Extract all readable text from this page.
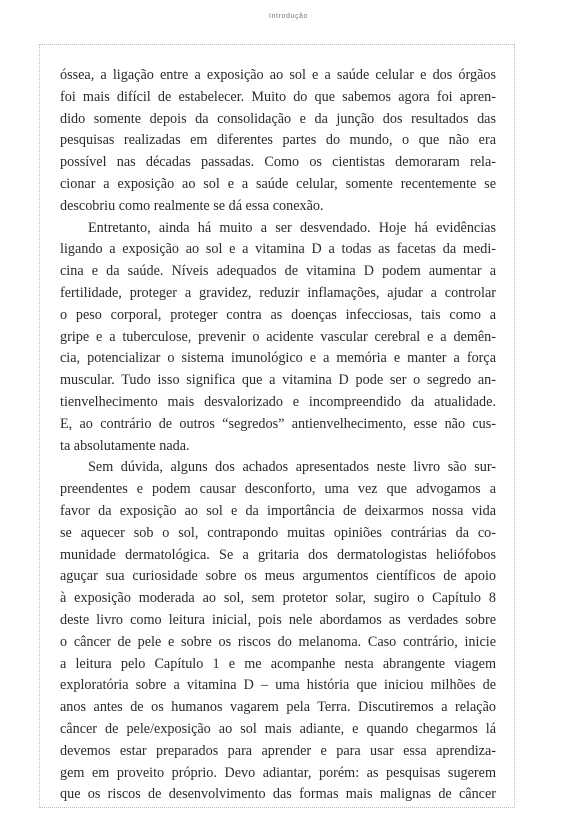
Introdução
óssea, a ligação entre a exposição ao sol e a saúde celular e dos órgãos
foi mais difícil de estabelecer. Muito do que sabemos agora foi apren-
dido somente depois da consolidação e da junção dos resultados das
pesquisas realizadas em diferentes partes do mundo, o que não era
possível nas décadas passadas. Como os cientistas demoraram rela-
cionar a exposição ao sol e a saúde celular, somente recentemente se
descobriu como realmente se dá essa conexão.
Entretanto, ainda há muito a ser desvendado. Hoje há evidências
ligando a exposição ao sol e a vitamina D a todas as facetas da medi-
cina e da saúde. Níveis adequados de vitamina D podem aumentar a
fertilidade, proteger a gravidez, reduzir inflamações, ajudar a controlar
o peso corporal, proteger contra as doenças infecciosas, tais como a
gripe e a tuberculose, prevenir o acidente vascular cerebral e a demên-
cia, potencializar o sistema imunológico e a memória e manter a força
muscular. Tudo isso significa que a vitamina D pode ser o segredo an-
tienvelhecimento mais desvalorizado e incompreendido da atualidade.
E, ao contrário de outros “segredos” antienvelhecimento, esse não cus-
ta absolutamente nada.
Sem dúvida, alguns dos achados apresentados neste livro são sur-
preendentes e podem causar desconforto, uma vez que advogamos a
favor da exposição ao sol e da importância de deixarmos nossa vida
se aquecer sob o sol, contrapondo muitas opiniões contrárias da co-
munidade dermatológica. Se a gritaria dos dermatologistas heliófobos
aguçar sua curiosidade sobre os meus argumentos científicos de apoio
à exposição moderada ao sol, sem protetor solar, sugiro o Capítulo 8
deste livro como leitura inicial, pois nele abordamos as verdades sobre
o câncer de pele e sobre os riscos do melanoma. Caso contrário, inicie
a leitura pelo Capítulo 1 e me acompanhe nesta abrangente viagem
exploratória sobre a vitamina D – uma história que iniciou milhões de
anos antes de os humanos vagarem pela Terra. Discutiremos a relação
câncer de pele/exposição ao sol mais adiante, e quando chegarmos lá
devemos estar preparados para aprender e para usar essa aprendiza-
gem em proveito próprio. Devo adiantar, porém: as pesquisas sugerem
que os riscos de desenvolvimento das formas mais malignas de câncer
